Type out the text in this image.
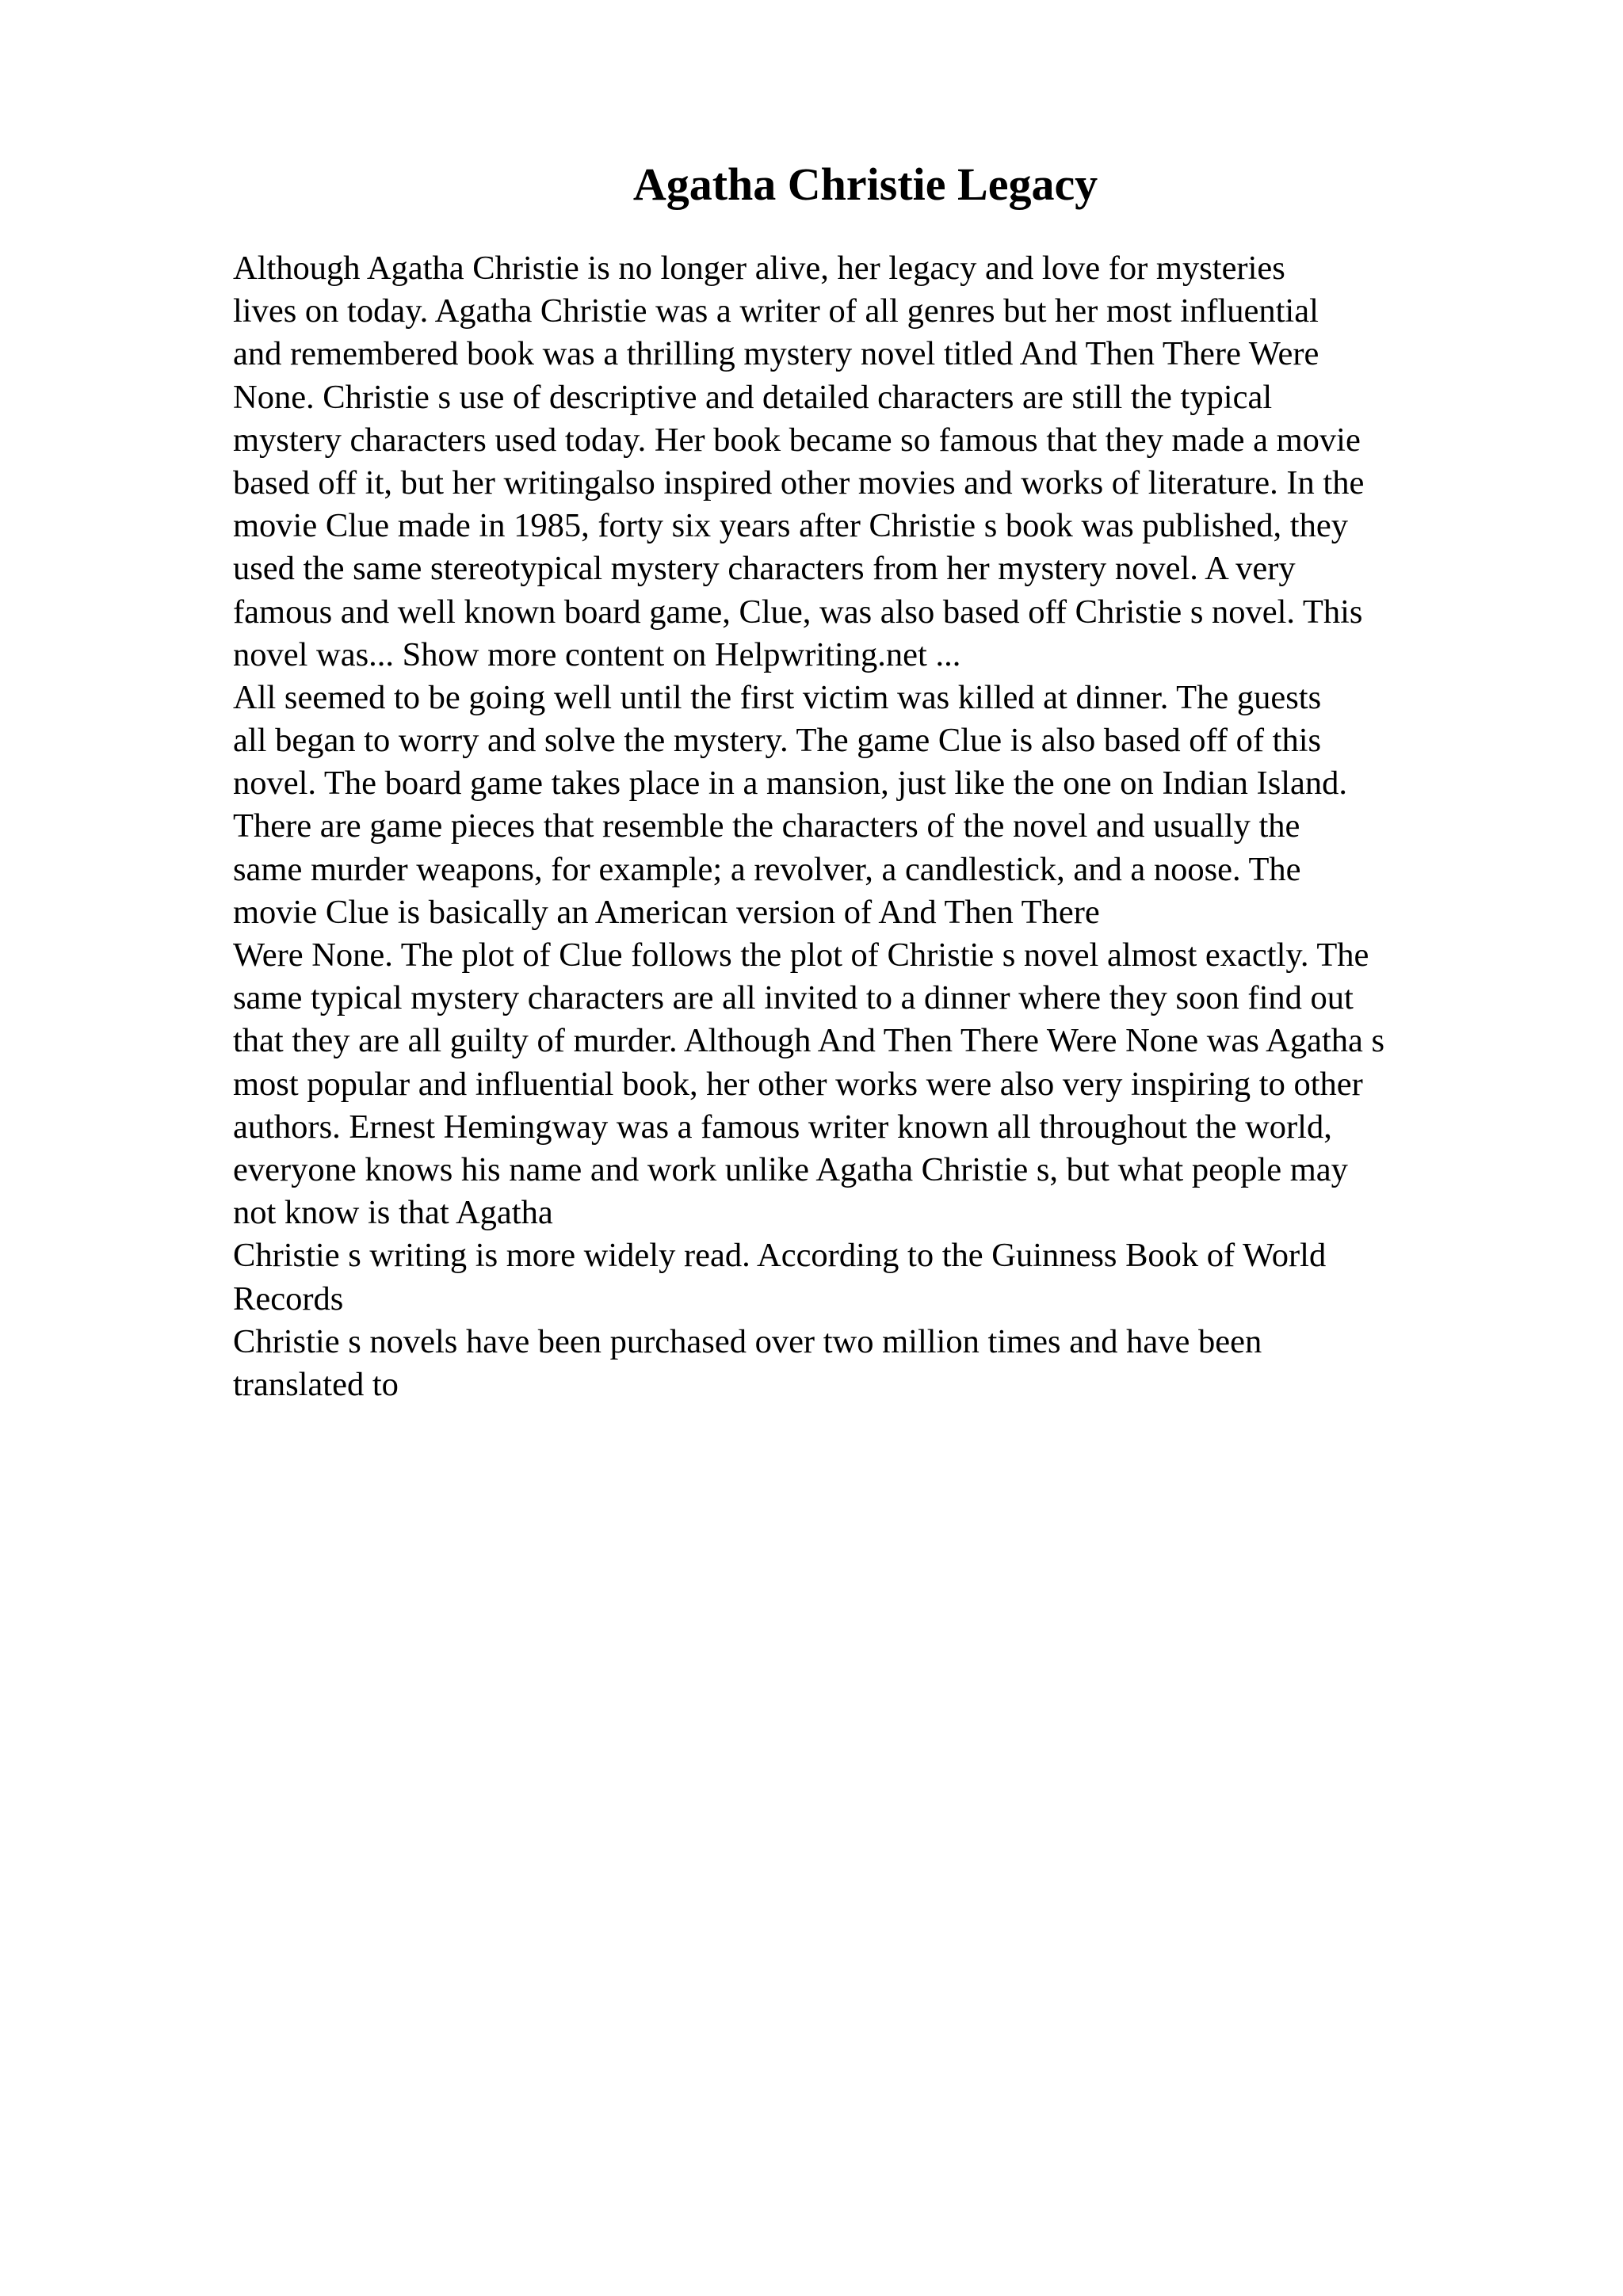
Agatha Christie Legacy
Although Agatha Christie is no longer alive, her legacy and love for mysteries
lives on today. Agatha Christie was a writer of all genres but her most influential
and remembered book was a thrilling mystery novel titled And Then There Were
None. Christie s use of descriptive and detailed characters are still the typical
mystery characters used today. Her book became so famous that they made a movie
based off it, but her writingalso inspired other movies and works of literature. In the
movie Clue made in 1985, forty six years after Christie s book was published, they
used the same stereotypical mystery characters from her mystery novel. A very
famous and well known board game, Clue, was also based off Christie s novel. This
novel was... Show more content on Helpwriting.net ...
All seemed to be going well until the first victim was killed at dinner. The guests
all began to worry and solve the mystery. The game Clue is also based off of this
novel. The board game takes place in a mansion, just like the one on Indian Island.
There are game pieces that resemble the characters of the novel and usually the
same murder weapons, for example; a revolver, a candlestick, and a noose. The
movie Clue is basically an American version of And Then There
Were None. The plot of Clue follows the plot of Christie s novel almost exactly. The
same typical mystery characters are all invited to a dinner where they soon find out
that they are all guilty of murder. Although And Then There Were None was Agatha s
most popular and influential book, her other works were also very inspiring to other
authors. Ernest Hemingway was a famous writer known all throughout the world,
everyone knows his name and work unlike Agatha Christie s, but what people may
not know is that Agatha
Christie s writing is more widely read. According to the Guinness Book of World
Records
Christie s novels have been purchased over two million times and have been
translated to
